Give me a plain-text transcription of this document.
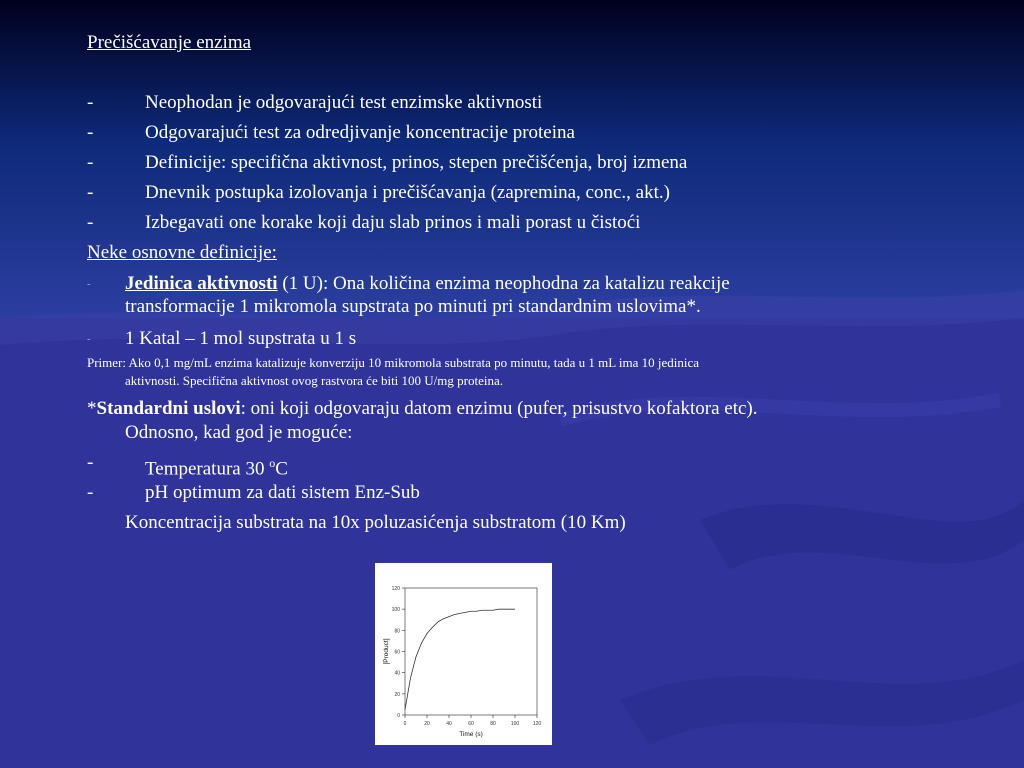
Prečišćavanje enzima
-	Neophodan je odgovarajući test enzimske aktivnosti
-	Odgovarajući test za odredjivanje koncentracije proteina
-	Definicije: specifična aktivnost, prinos, stepen prečišćenja, broj izmena
-	Dnevnik postupka izolovanja i prečišćavanja (zapremina, conc., akt.)
-	Izbegavati one korake koji daju slab prinos i mali porast u čistoći
Neke osnovne definicije:
- Jedinica aktivnosti (1 U): Ona količina enzima neophodna za katalizu reakcije
transformacije 1 mikromola supstrata po minuti pri standardnim uslovima*.
- 1 Katal – 1 mol supstrata u 1 s
Primer: Ako 0,1 mg/mL enzima katalizuje konverziju 10 mikromola substrata po minutu, tada u 1 mL ima 10 jedinica
aktivnosti. Specifična aktivnost ovog rastvora će biti 100 U/mg proteina.
*Standardni uslovi: oni koji odgovaraju datom enzimu (pufer, prisustvo kofaktora etc).
Odnosno, kad god je moguće:
-	Temperatura 30 $^o$C
-	pH optimum za dati sistem Enz-Sub
Koncentracija substrata na 10x poluzasićenja substratom (10 Km)
0
20
40
60
80
100
120
0	20	40	60	80	100	120
Time (s)
[Product]
